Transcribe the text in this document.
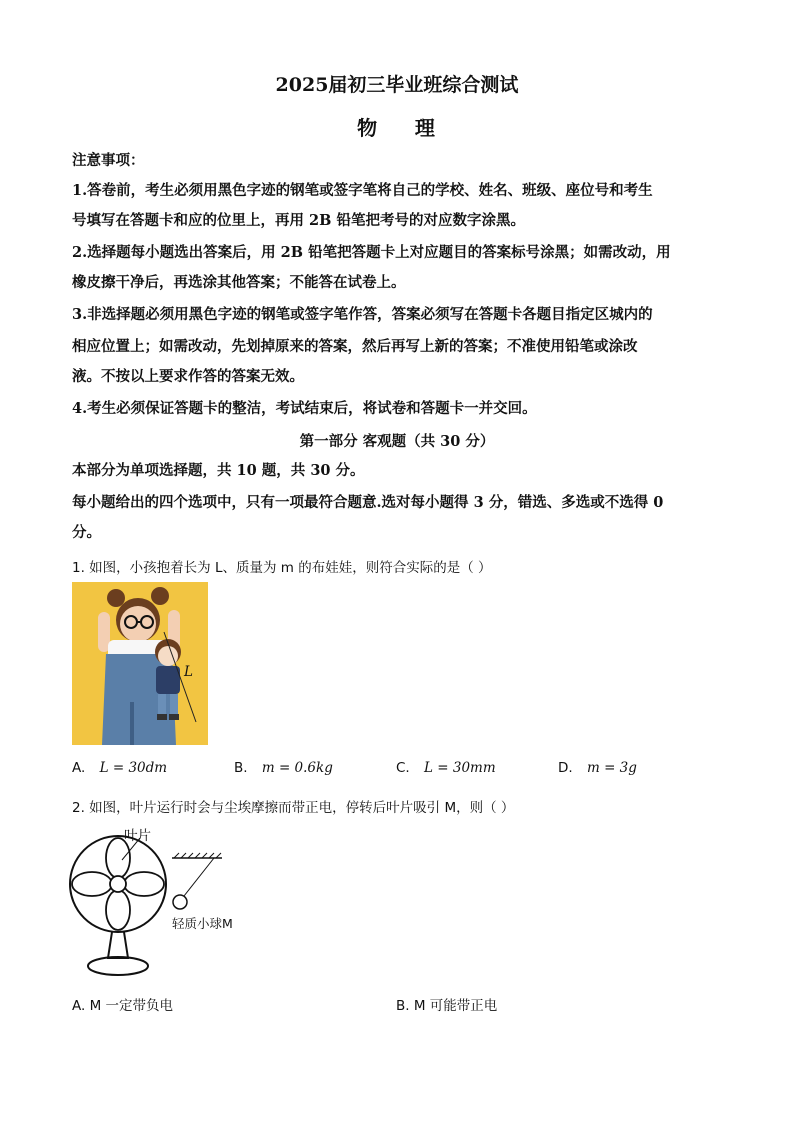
2025届初三毕业班综合测试
物    理
注意事项：
1.答卷前，考生必须用黑色字迹的钢笔或签字笔将自己的学校、姓名、班级、座位号和考生
号填写在答题卡和应的位里上，再用 2B 铅笔把考号的对应数字涂黑。
2.选择题每小题选出答案后，用 2B 铅笔把答题卡上对应题目的答案标号涂黑；如需改动，用
橡皮擦干净后，再选涂其他答案；不能答在试卷上。
3.非选择题必须用黑色字迹的钢笔或签字笔作答，答案必须写在答题卡各题目指定区城内的
相应位置上；如需改动，先划掉原来的答案，然后再写上新的答案；不准使用铅笔或涂改
液。不按以上要求作答的答案无效。
4.考生必须保证答题卡的整洁，考试结束后，将试卷和答题卡一并交回。
第一部分 客观题（共 30 分）
本部分为单项选择题，共 10 题，共 30 分。
每小题给出的四个选项中，只有一项最符合题意.选对每小题得 3 分，错选、多选或不选得 0
分。
1. 如图，小孩抱着长为 L、质量为 m 的布娃娃，则符合实际的是（ ）
L
A. L = 30dm	B. m = 0.6kg	C. L = 30mm	D. m = 3g
2. 如图，叶片运行时会与尘埃摩擦而带正电，停转后叶片吸引 M，则（ ）
叶片
轻质小球M
A. M 一定带负电	B. M 可能带正电
